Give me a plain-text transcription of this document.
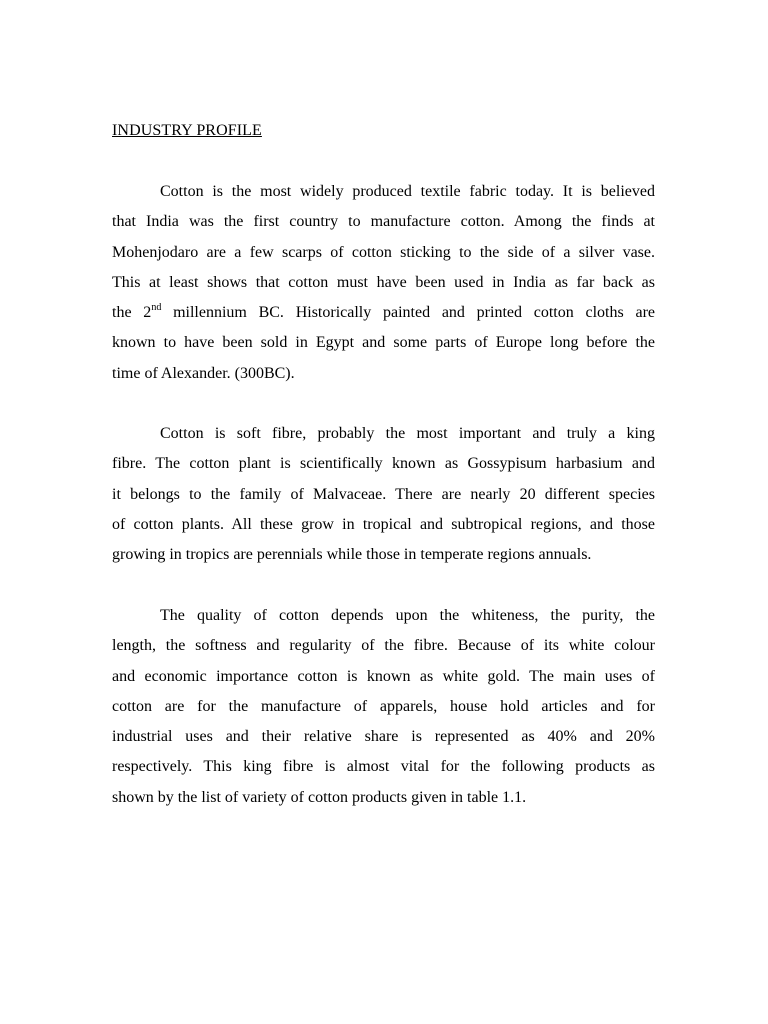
INDUSTRY PROFILE

Cotton is the most widely produced textile fabric today. It is believed
that India was the first country to manufacture cotton. Among the finds at
Mohenjodaro are a few scarps of cotton sticking to the side of a silver vase.
This at least shows that cotton must have been used in India as far back as
the 2nd millennium BC. Historically painted and printed cotton cloths are
known to have been sold in Egypt and some parts of Europe long before the
time of Alexander. (300BC).

Cotton is soft fibre, probably the most important and truly a king
fibre. The cotton plant is scientifically known as Gossypisum harbasium and
it belongs to the family of Malvaceae. There are nearly 20 different species
of cotton plants. All these grow in tropical and subtropical regions, and those
growing in tropics are perennials while those in temperate regions annuals.

The quality of cotton depends upon the whiteness, the purity, the
length, the softness and regularity of the fibre. Because of its white colour
and economic importance cotton is known as white gold. The main uses of
cotton are for the manufacture of apparels, house hold articles and for
industrial uses and their relative share is represented as 40% and 20%
respectively. This king fibre is almost vital for the following products as
shown by the list of variety of cotton products given in table 1.1.
